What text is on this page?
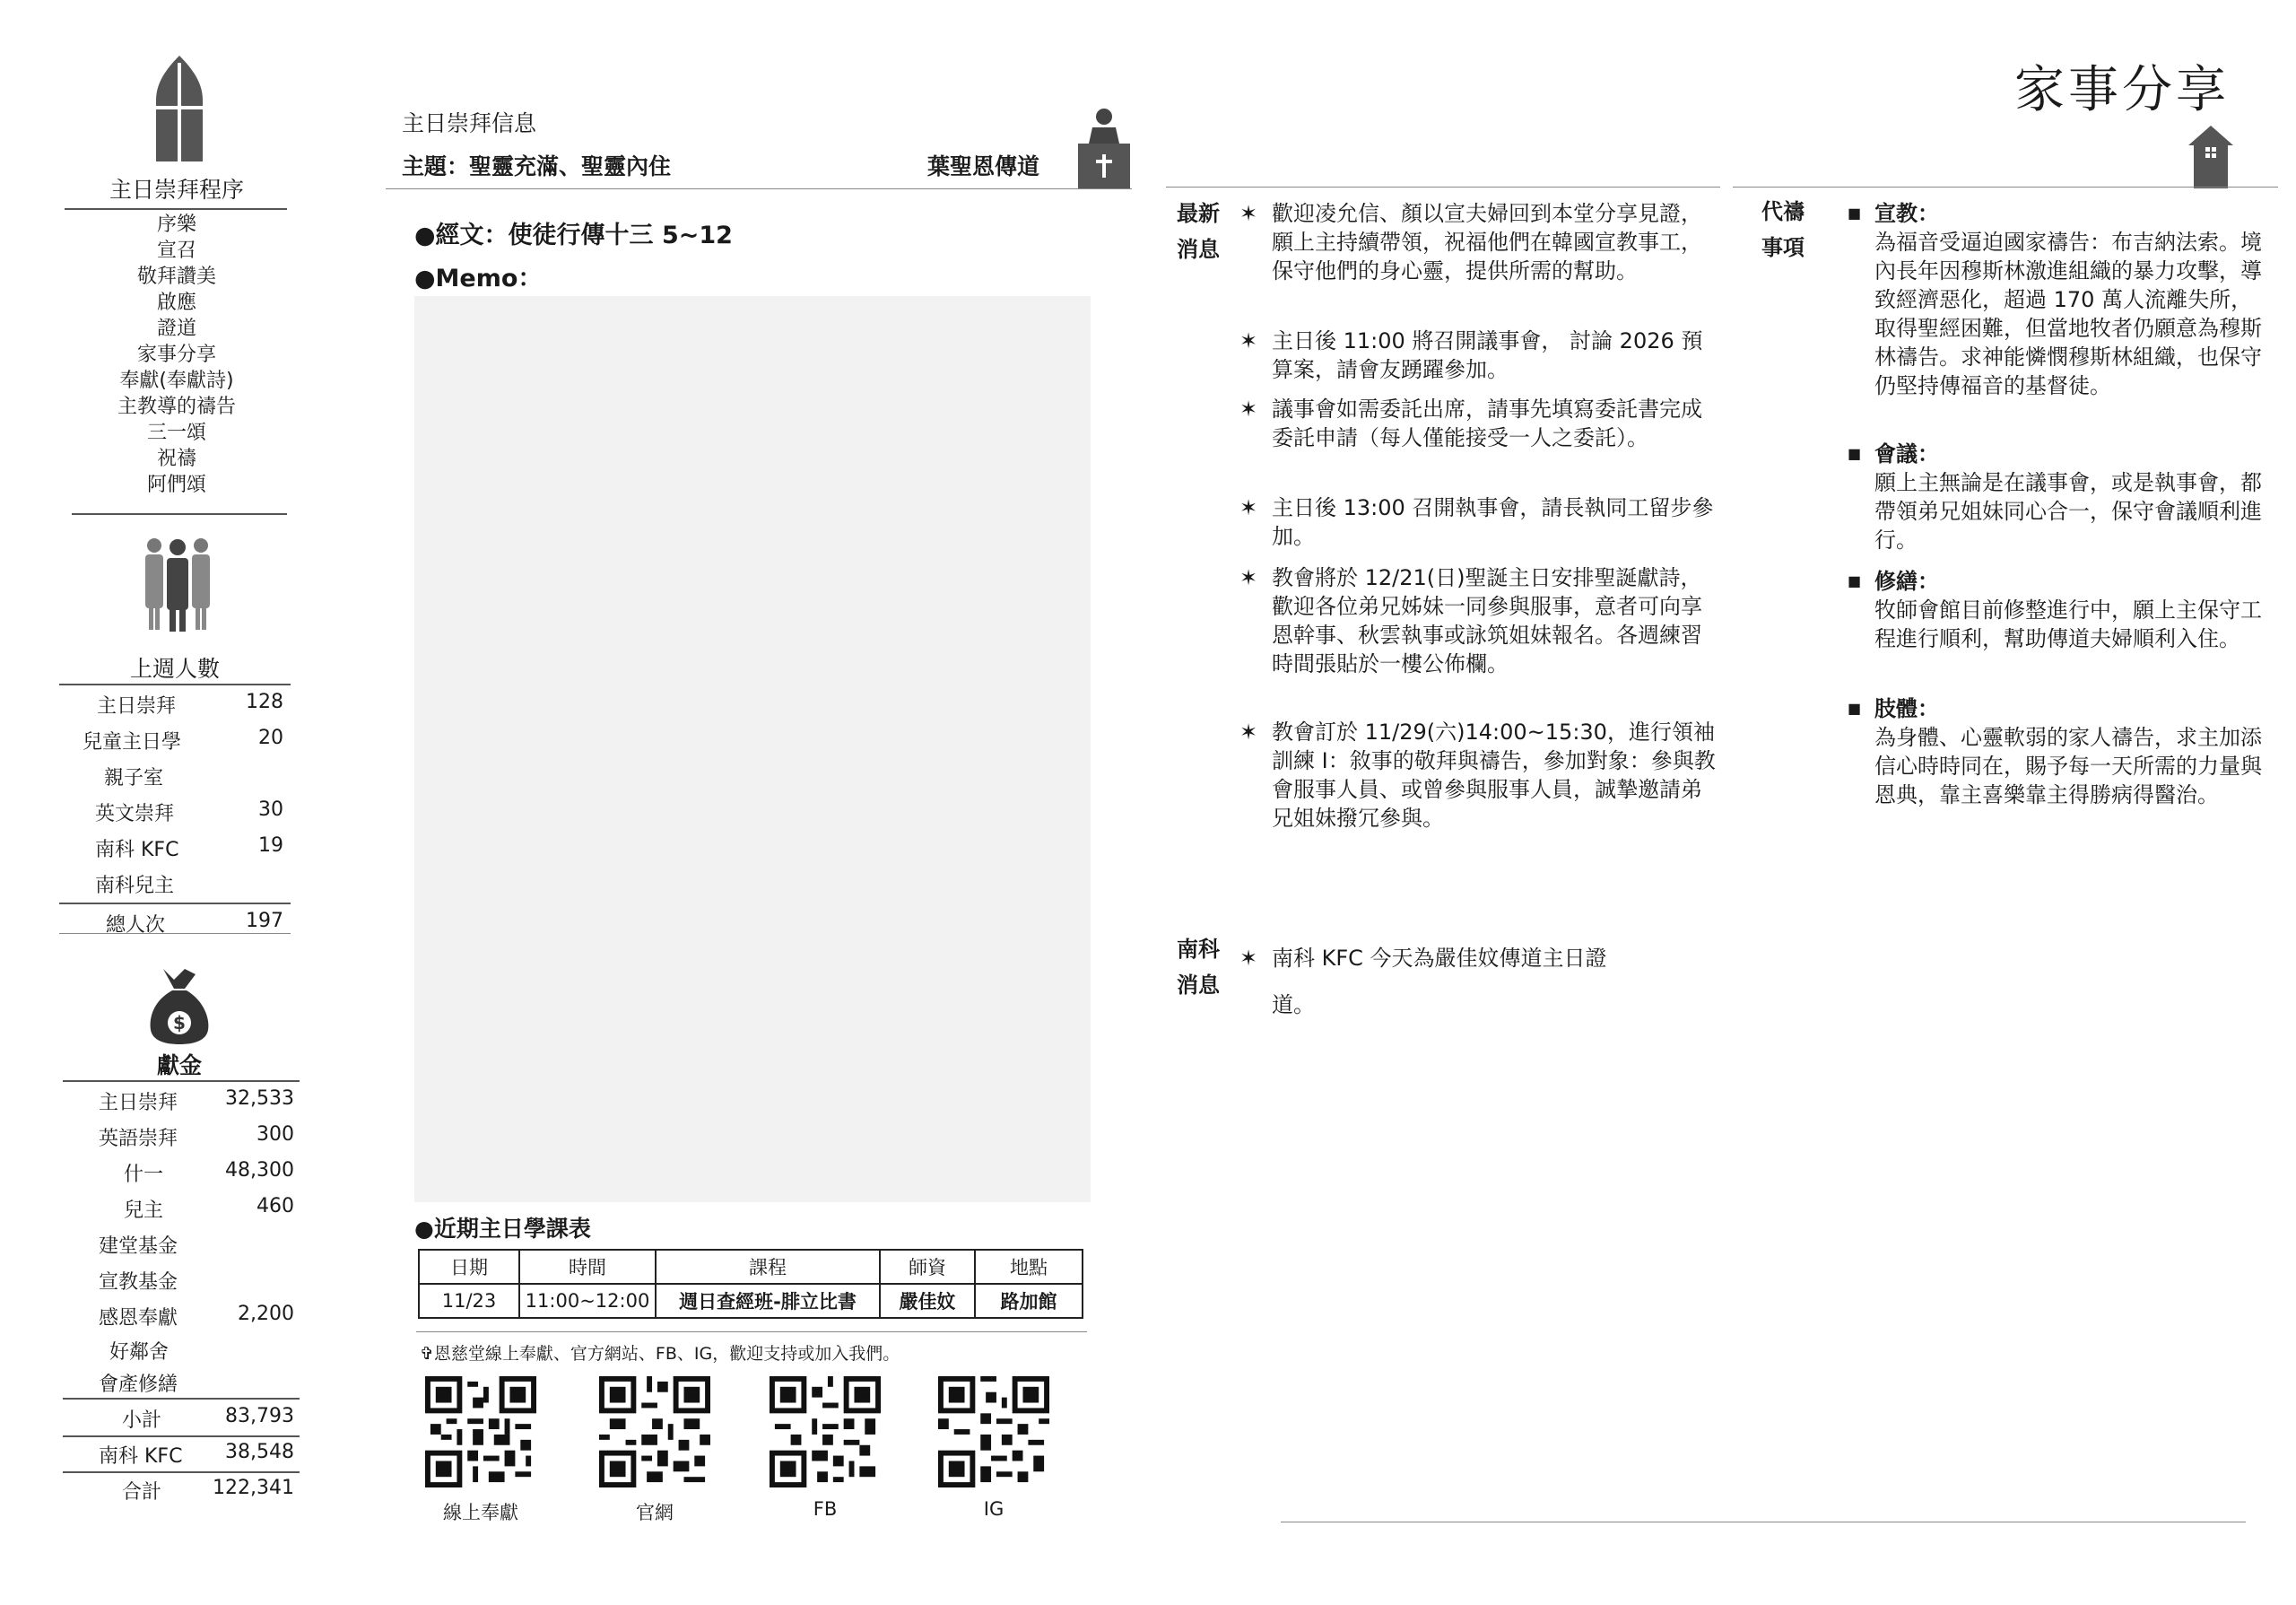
主日崇拜程序
序樂
宣召
敬拜讚美
啟應
證道
家事分享
奉獻(奉獻詩)
主教導的禱告
三一頌
祝禱
阿們頌
上週人數
主日崇拜	128
兒童主日學	20
親子室
英文崇拜	30
南科 KFC	19
南科兒主
總人次	197
$
獻金
主日崇拜 32,533
英語崇拜	300
什一	48,300
兒主	460
建堂基金
宣教基金
感恩奉獻	2,200
好鄰舍
會產修繕
小計	83,793
南科 KFC 38,548
合計	122,341
主日崇拜信息
主題：聖靈充滿、聖靈內住	葉聖恩傳道
●經文：使徒行傳十三 5~12
●Memo：
●近期主日學課表
日期	時間	課程	師資	地點
11/23	11:00~12:00	週日查經班-腓立比書	嚴佳妏	路加館
✞恩慈堂線上奉獻、官方網站、FB、IG，歡迎支持或加入我們。
線上奉獻	官網	FB	IG
家事分享
最新
消息
✶ 歡迎凌允信、顏以宣夫婦回到本堂分享見證，願上主持續帶領，祝福他們在韓國宣教事工，保守他們的身心靈，提供所需的幫助。
✶ 主日後 11:00 將召開議事會， 討論 2026 預算案，請會友踴躍參加。
✶ 議事會如需委託出席，請事先填寫委託書完成委託申請（每人僅能接受一人之委託）。
✶ 主日後 13:00 召開執事會，請長執同工留步參加。
✶ 教會將於 12/21(日)聖誕主日安排聖誕獻詩，歡迎各位弟兄姊妹一同參與服事，意者可向享恩幹事、秋雲執事或詠筑姐妹報名。各週練習時間張貼於一樓公佈欄。
✶ 教會訂於 11/29(六)14:00~15:30，進行領袖訓練 I：敘事的敬拜與禱告，參加對象：參與教會服事人員、或曾參與服事人員，誠摯邀請弟兄姐妹撥冗參與。
南科
消息
✶ 南科 KFC 今天為嚴佳妏傳道主日證道。
代禱
事項
■ 宣教：
為福音受逼迫國家禱告：布吉納法索。境內長年因穆斯林激進組織的暴力攻擊，導致經濟惡化，超過 170 萬人流離失所，取得聖經困難，但當地牧者仍願意為穆斯林禱告。求神能憐憫穆斯林組織，也保守仍堅持傳福音的基督徒。
■ 會議：
願上主無論是在議事會，或是執事會，都帶領弟兄姐妹同心合一，保守會議順利進行。
■ 修繕：
牧師會館目前修整進行中，願上主保守工程進行順利，幫助傳道夫婦順利入住。
■ 肢體：
為身體、心靈軟弱的家人禱告，求主加添信心時時同在，賜予每一天所需的力量與恩典，靠主喜樂靠主得勝病得醫治。
